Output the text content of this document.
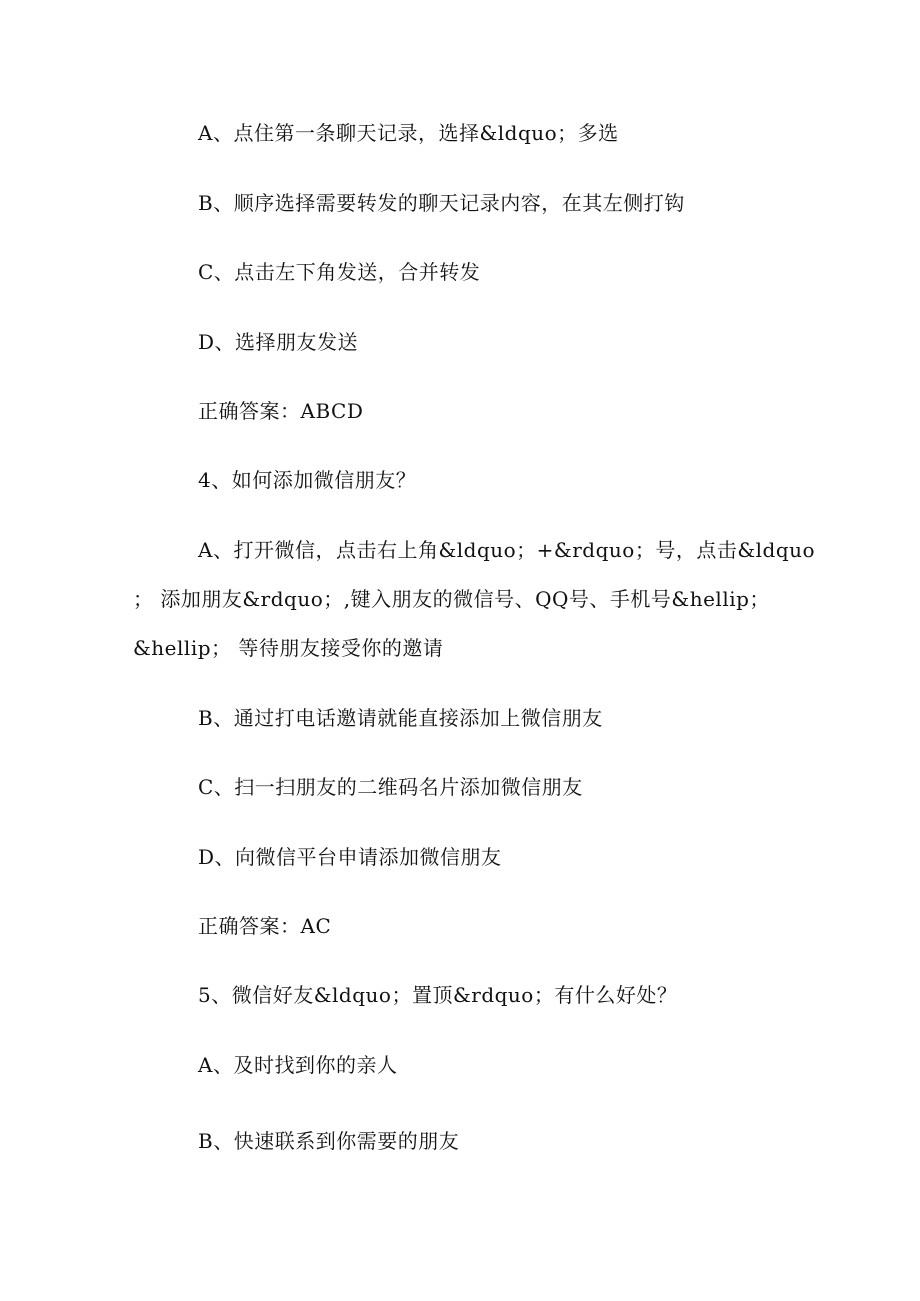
A、点住第一条聊天记录，选择&ldquo；多选
B、顺序选择需要转发的聊天记录内容，在其左侧打钩
C、点击左下角发送，合并转发
D、选择朋友发送
正确答案：ABCD
4、如何添加微信朋友？
A、打开微信，点击右上角&ldquo；+&rdquo；号，点击&ldquo
； 添加朋友&rdquo；,键入朋友的微信号、QQ号、手机号&hellip；
&hellip； 等待朋友接受你的邀请
B、通过打电话邀请就能直接添加上微信朋友
C、扫一扫朋友的二维码名片添加微信朋友
D、向微信平台申请添加微信朋友
正确答案：AC
5、微信好友&ldquo；置顶&rdquo；有什么好处？
A、及时找到你的亲人
B、快速联系到你需要的朋友
